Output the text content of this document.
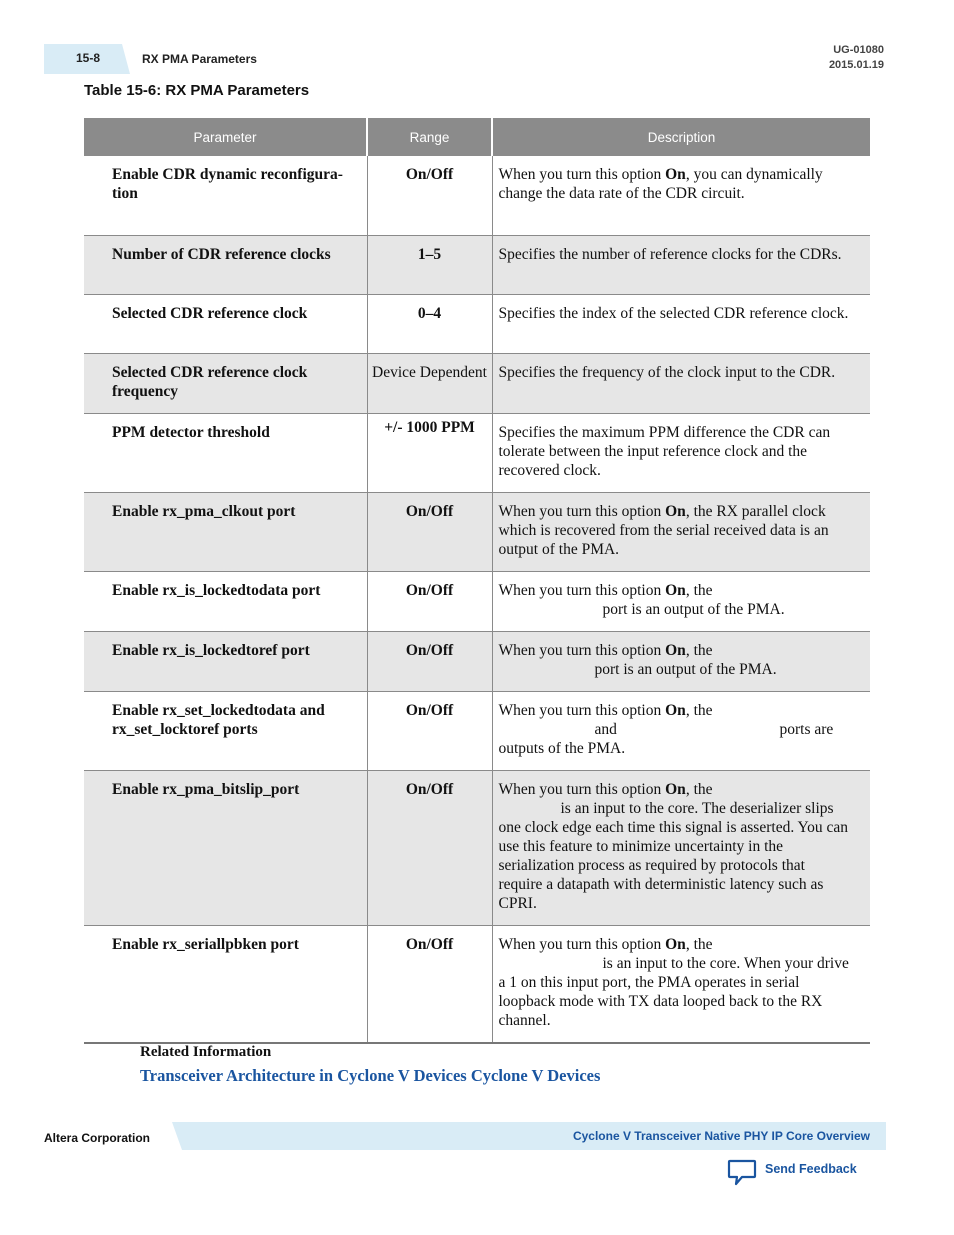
15-8	RX PMA Parameters
UG-01080
2015.01.19
Table 15-6: RX PMA Parameters
Parameter	Range	Description
Enable CDR dynamic reconfigura-
tion	On/Off	When you turn this option On, you can dynamically change the data rate of the CDR circuit.
Number of CDR reference clocks	1–5	Specifies the number of reference clocks for the CDRs.
Selected CDR reference clock	0–4	Specifies the index of the selected CDR reference clock.
Selected CDR reference clock frequency	Device Dependent	Specifies the frequency of the clock input to the CDR.
PPM detector threshold	+/- 1000 PPM	Specifies the maximum PPM difference the CDR can tolerate between the input reference clock and the recovered clock.
Enable rx_pma_clkout port	On/Off	When you turn this option On, the RX parallel clock which is recovered from the serial received data is an output of the PMA.
Enable rx_is_lockedtodata port	On/Off	When you turn this option On, the
port is an output of the PMA.

Enable rx_is_lockedtoref port	On/Off	When you turn this option On, the
port is an output of the PMA.

Enable rx_set_lockedtodata and rx_set_locktoref ports	On/Off	When you turn this option On, the
and ports are
outputs of the PMA.

Enable rx_pma_bitslip_port	On/Off	When you turn this option On, the
is an input to the core. The deserializer slips one clock edge each time this signal is asserted. You can use this feature to minimize uncertainty in the serialization process as required by protocols that require a datapath with deterministic latency such as CPRI.

Enable rx_seriallpbken port	On/Off	When you turn this option On, the
is an input to the core. When your drive a 1 on this input port, the PMA operates in serial loopback mode with TX data looped back to the RX channel.
Related Information
Transceiver Architecture in Cyclone V Devices Cyclone V Devices
Altera Corporation	Cyclone V Transceiver Native PHY IP Core Overview
Send Feedback
